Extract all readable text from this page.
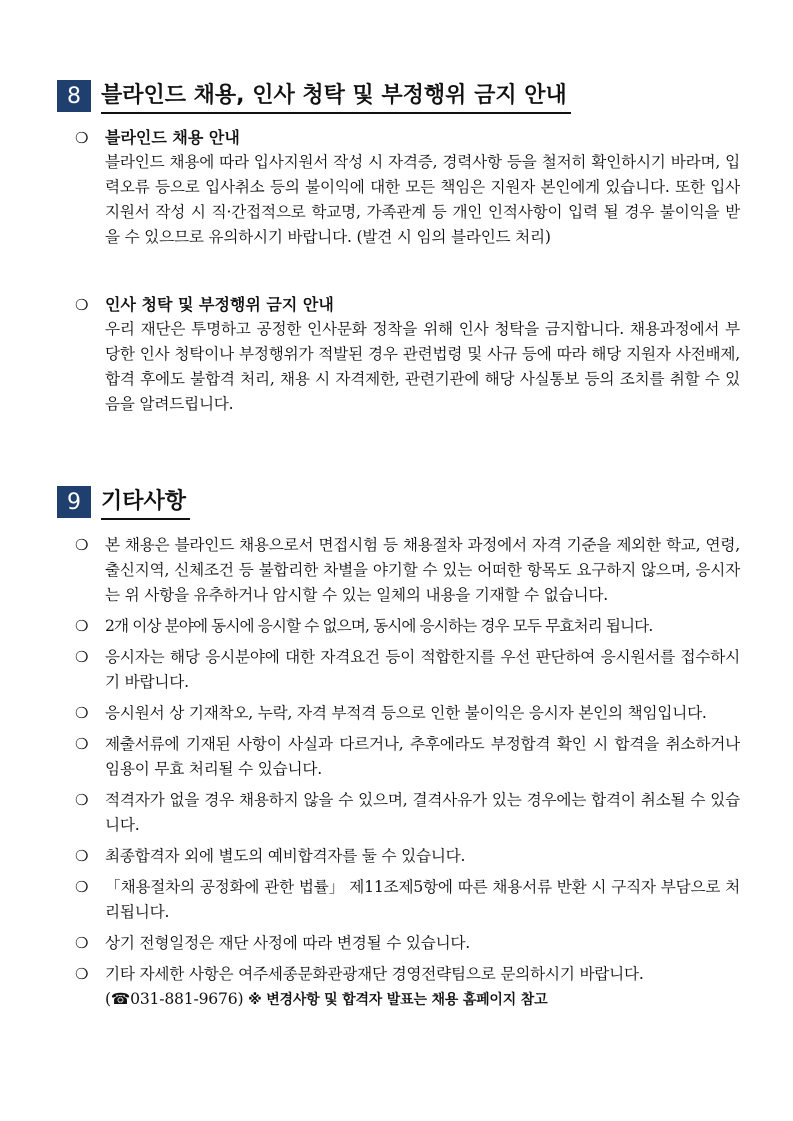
8 블라인드 채용, 인사 청탁 및 부정행위 금지 안내
❍	블라인드 채용 안내
블라인드 채용에 따라 입사지원서 작성 시 자격증, 경력사항 등을 철저히 확인하시기 바라며, 입력오류 등으로 입사취소 등의 불이익에 대한 모든 책임은 지원자 본인에게 있습니다. 또한 입사지원서 작성 시 직·간접적으로 학교명, 가족관계 등 개인 인적사항이 입력 될 경우 불이익을 받을 수 있으므로 유의하시기 바랍니다. (발견 시 임의 블라인드 처리)
❍	인사 청탁 및 부정행위 금지 안내
우리 재단은 투명하고 공정한 인사문화 정착을 위해 인사 청탁을 금지합니다. 채용과정에서 부당한 인사 청탁이나 부정행위가 적발된 경우 관련법령 및 사규 등에 따라 해당 지원자 사전배제, 합격 후에도 불합격 처리, 채용 시 자격제한, 관련기관에 해당 사실통보 등의 조치를 취할 수 있음을 알려드립니다.
9 기타사항
❍	본 채용은 블라인드 채용으로서 면접시험 등 채용절차 과정에서 자격 기준을 제외한 학교, 연령, 출신지역, 신체조건 등 불합리한 차별을 야기할 수 있는 어떠한 항목도 요구하지 않으며, 응시자는 위 사항을 유추하거나 암시할 수 있는 일체의 내용을 기재할 수 없습니다.
❍	2개 이상 분야에 동시에 응시할 수 없으며, 동시에 응시하는 경우 모두 무효처리 됩니다.
❍	응시자는 해당 응시분야에 대한 자격요건 등이 적합한지를 우선 판단하여 응시원서를 접수하시기 바랍니다.
❍	응시원서 상 기재착오, 누락, 자격 부적격 등으로 인한 불이익은 응시자 본인의 책임입니다.
❍	제출서류에 기재된 사항이 사실과 다르거나, 추후에라도 부정합격 확인 시 합격을 취소하거나 임용이 무효 처리될 수 있습니다.
❍	적격자가 없을 경우 채용하지 않을 수 있으며, 결격사유가 있는 경우에는 합격이 취소될 수 있습니다.
❍	최종합격자 외에 별도의 예비합격자를 둘 수 있습니다.
❍	「채용절차의 공정화에 관한 법률」 제11조제5항에 따른 채용서류 반환 시 구직자 부담으로 처리됩니다.
❍	상기 전형일정은 재단 사정에 따라 변경될 수 있습니다.
❍	기타 자세한 사항은 여주세종문화관광재단 경영전략팀으로 문의하시기 바랍니다.
(☎031-881-9676) ※ 변경사항 및 합격자 발표는 채용 홈페이지 참고
